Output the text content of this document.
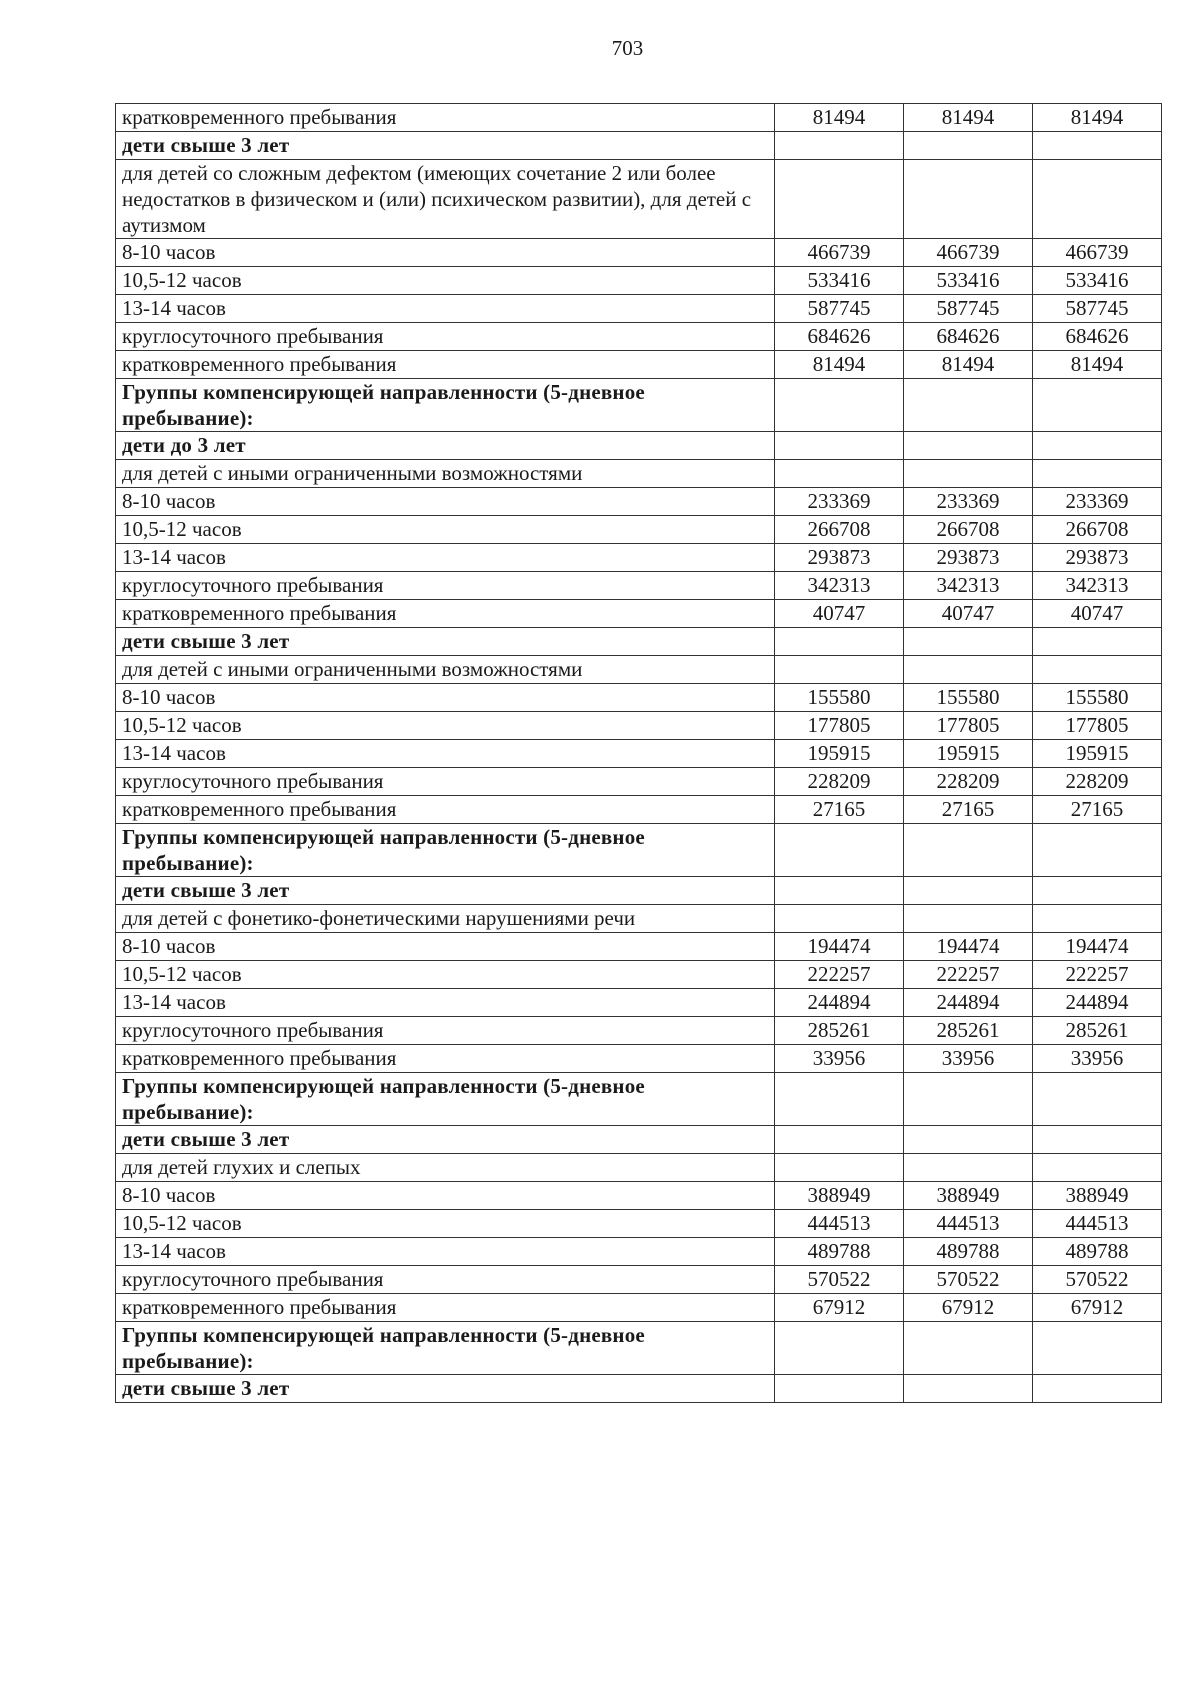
703
кратковременного пребывания	81494	81494	81494
дети свыше 3 лет			
для детей со сложным дефектом (имеющих сочетание 2 или более недостатков в физическом и (или) психическом развитии), для детей с аутизмом			
8-10 часов	466739	466739	466739
10,5-12 часов	533416	533416	533416
13-14 часов	587745	587745	587745
круглосуточного пребывания	684626	684626	684626
кратковременного пребывания	81494	81494	81494
Группы компенсирующей направленности (5-дневное пребывание):			
дети до 3 лет			
для детей с иными ограниченными возможностями			
8-10 часов	233369	233369	233369
10,5-12 часов	266708	266708	266708
13-14 часов	293873	293873	293873
круглосуточного пребывания	342313	342313	342313
кратковременного пребывания	40747	40747	40747
дети свыше 3 лет			
для детей с иными ограниченными возможностями			
8-10 часов	155580	155580	155580
10,5-12 часов	177805	177805	177805
13-14 часов	195915	195915	195915
круглосуточного пребывания	228209	228209	228209
кратковременного пребывания	27165	27165	27165
Группы компенсирующей направленности (5-дневное пребывание):			
дети свыше 3 лет			
для детей с фонетико-фонетическими нарушениями речи			
8-10 часов	194474	194474	194474
10,5-12 часов	222257	222257	222257
13-14 часов	244894	244894	244894
круглосуточного пребывания	285261	285261	285261
кратковременного пребывания	33956	33956	33956
Группы компенсирующей направленности (5-дневное пребывание):			
дети свыше 3 лет			
для детей глухих и слепых			
8-10 часов	388949	388949	388949
10,5-12 часов	444513	444513	444513
13-14 часов	489788	489788	489788
круглосуточного пребывания	570522	570522	570522
кратковременного пребывания	67912	67912	67912
Группы компенсирующей направленности (5-дневное пребывание):			
дети свыше 3 лет			
